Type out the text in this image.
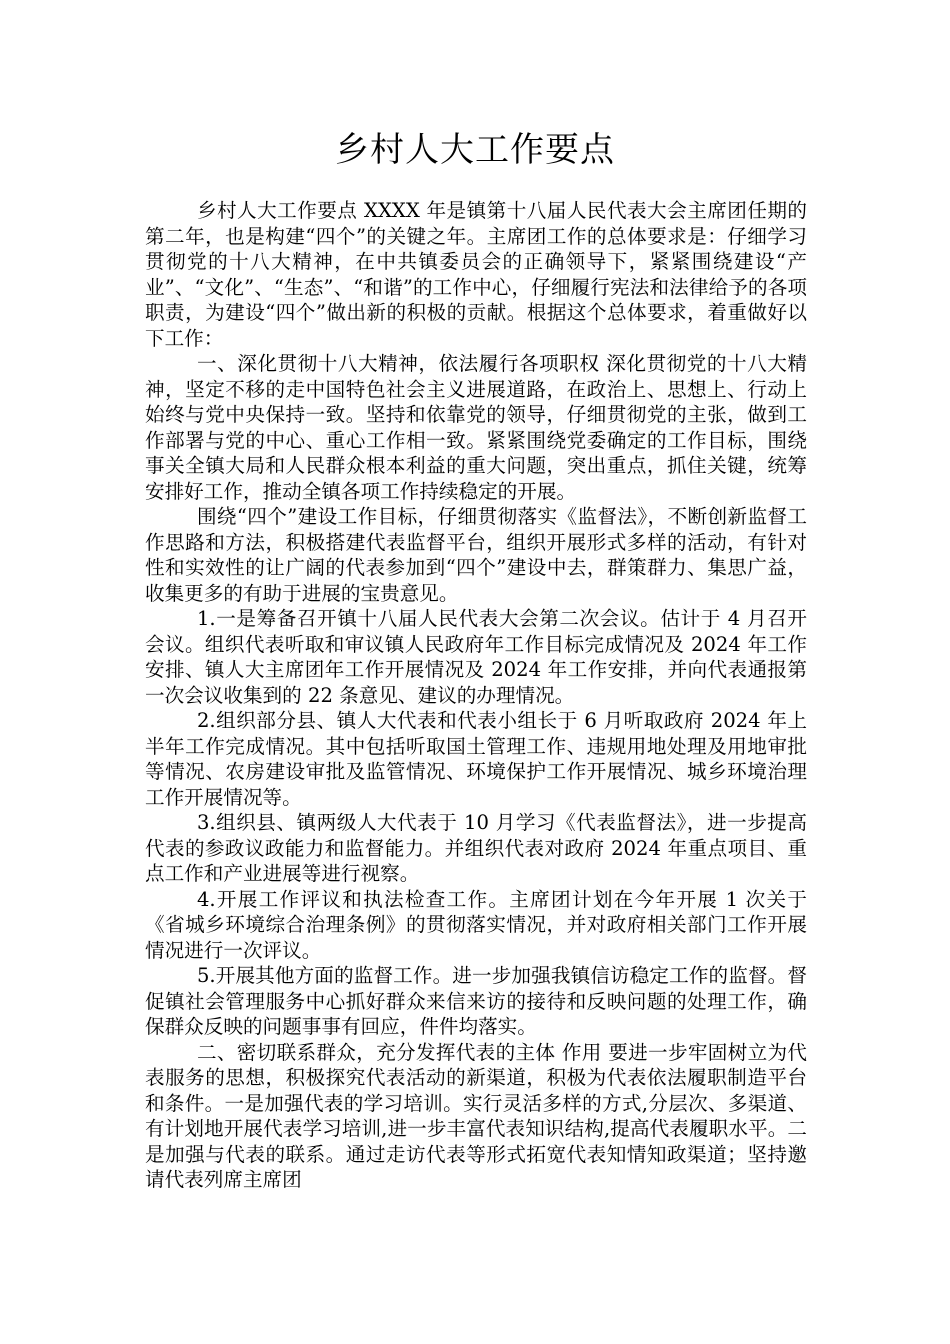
乡村人大工作要点

乡村人大工作要点 XXXX 年是镇第十八届人民代表大会主席团任期的第二年，也是构建“四个”的关键之年。主席团工作的总体要求是：仔细学习贯彻党的十八大精神，在中共镇委员会的正确领导下，紧紧围绕建设“产业”、“文化”、“生态”、“和谐”的工作中心，仔细履行宪法和法律给予的各项职责，为建设“四个”做出新的积极的贡献。根据这个总体要求，着重做好以下工作：

一、深化贯彻十八大精神，依法履行各项职权 深化贯彻党的十八大精神，坚定不移的走中国特色社会主义进展道路，在政治上、思想上、行动上始终与党中央保持一致。坚持和依靠党的领导，仔细贯彻党的主张，做到工作部署与党的中心、重心工作相一致。紧紧围绕党委确定的工作目标，围绕事关全镇大局和人民群众根本利益的重大问题，突出重点，抓住关键，统筹安排好工作，推动全镇各项工作持续稳定的开展。

围绕“四个”建设工作目标，仔细贯彻落实《监督法》，不断创新监督工作思路和方法，积极搭建代表监督平台，组织开展形式多样的活动，有针对性和实效性的让广阔的代表参加到“四个”建设中去，群策群力、集思广益，收集更多的有助于进展的宝贵意见。

1.一是筹备召开镇十八届人民代表大会第二次会议。估计于 4 月召开会议。组织代表听取和审议镇人民政府年工作目标完成情况及 2024 年工作安排、镇人大主席团年工作开展情况及 2024 年工作安排，并向代表通报第一次会议收集到的 22 条意见、建议的办理情况。

2.组织部分县、镇人大代表和代表小组长于 6 月听取政府 2024 年上半年工作完成情况。其中包括听取国土管理工作、违规用地处理及用地审批等情况、农房建设审批及监管情况、环境保护工作开展情况、城乡环境治理工作开展情况等。

3.组织县、镇两级人大代表于 10 月学习《代表监督法》，进一步提高代表的参政议政能力和监督能力。并组织代表对政府 2024 年重点项目、重点工作和产业进展等进行视察。

4.开展工作评议和执法检查工作。主席团计划在今年开展 1 次关于《省城乡环境综合治理条例》的贯彻落实情况，并对政府相关部门工作开展情况进行一次评议。

5.开展其他方面的监督工作。进一步加强我镇信访稳定工作的监督。督促镇社会管理服务中心抓好群众来信来访的接待和反映问题的处理工作，确保群众反映的问题事事有回应，件件均落实。

二、密切联系群众，充分发挥代表的主体 作用 要进一步牢固树立为代表服务的思想，积极探究代表活动的新渠道，积极为代表依法履职制造平台和条件。一是加强代表的学习培训。实行灵活多样的方式,分层次、多渠道、有计划地开展代表学习培训,进一步丰富代表知识结构,提高代表履职水平。二是加强与代表的联系。通过走访代表等形式拓宽代表知情知政渠道；坚持邀请代表列席主席团
